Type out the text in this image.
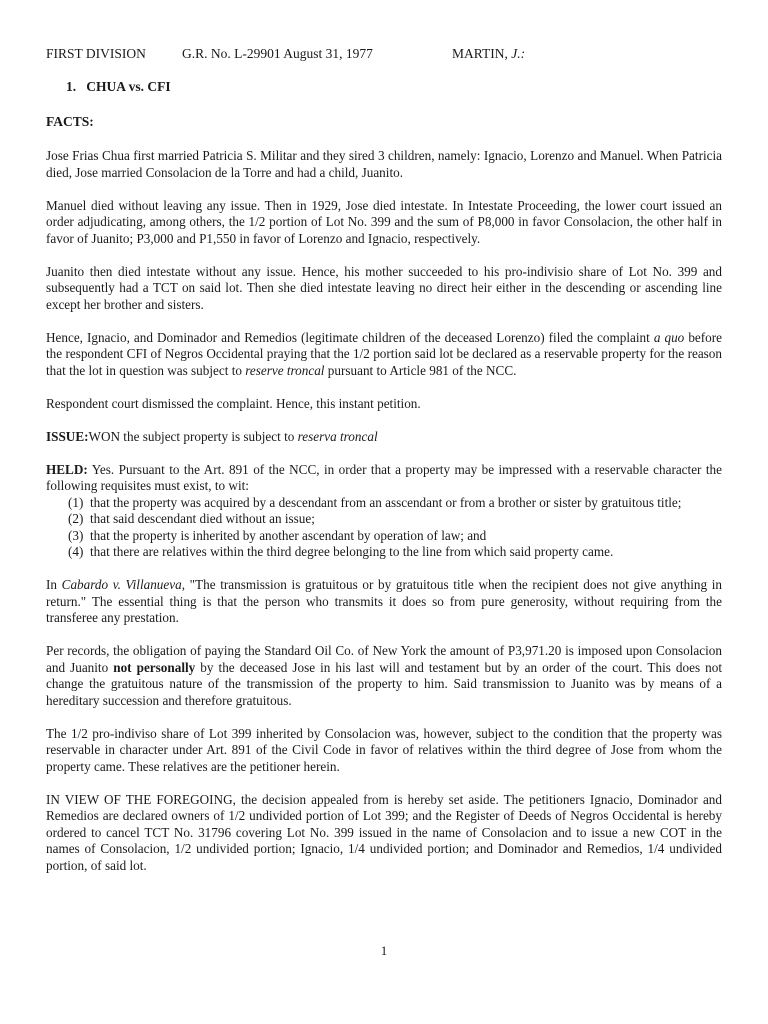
FIRST DIVISION	G.R. No. L-29901 August 31, 1977	MARTIN, J.:
1.   CHUA vs. CFI
FACTS:

Jose Frias Chua first married Patricia S. Militar and they sired 3 children, namely: Ignacio, Lorenzo and Manuel. When Patricia died, Jose married Consolacion de la Torre and had a child, Juanito.

Manuel died without leaving any issue. Then in 1929, Jose died intestate. In Intestate Proceeding, the lower court issued an order adjudicating, among others, the 1/2 portion of Lot No. 399 and the sum of P8,000 in favor Consolacion, the other half in favor of Juanito; P3,000 and P1,550 in favor of Lorenzo and Ignacio, respectively.

Juanito then died intestate without any issue. Hence, his mother succeeded to his pro-indivisio share of Lot No. 399 and subsequently had a TCT on said lot. Then she died intestate leaving no direct heir either in the descending or ascending line except her brother and sisters.

Hence, Ignacio, and Dominador and Remedios (legitimate children of the deceased Lorenzo) filed the complaint a quo before the respondent CFI of Negros Occidental praying that the 1/2 portion said lot be declared as a reservable property for the reason that the lot in question was subject to reserve troncal pursuant to Article 981 of the NCC.

Respondent court dismissed the complaint. Hence, this instant petition.

ISSUE:WON the subject property is subject to reserva troncal

HELD: Yes. Pursuant to the Art. 891 of the NCC, in order that a property may be impressed with a reservable character the following requisites must exist, to wit:

(1) that the property was acquired by a descendant from an asscendant or from a brother or sister by gratuitous title;
(2) that said descendant died without an issue;
(3) that the property is inherited by another ascendant by operation of law; and
(4) that there are relatives within the third degree belonging to the line from which said property came.

In Cabardo v. Villanueva, "The transmission is gratuitous or by gratuitous title when the recipient does not give anything in return." The essential thing is that the person who transmits it does so from pure generosity, without requiring from the transferee any prestation.

Per records, the obligation of paying the Standard Oil Co. of New York the amount of P3,971.20 is imposed upon Consolacion and Juanito not personally by the deceased Jose in his last will and testament but by an order of the court. This does not change the gratuitous nature of the transmission of the property to him. Said transmission to Juanito was by means of a hereditary succession and therefore gratuitous.

The 1/2 pro-indiviso share of Lot 399 inherited by Consolacion was, however, subject to the condition that the property was reservable in character under Art. 891 of the Civil Code in favor of relatives within the third degree of Jose from whom the property came. These relatives are the petitioner herein.

IN VIEW OF THE FOREGOING, the decision appealed from is hereby set aside. The petitioners Ignacio, Dominador and Remedios are declared owners of 1/2 undivided portion of Lot 399; and the Register of Deeds of Negros Occidental is hereby ordered to cancel TCT No. 31796 covering Lot No. 399 issued in the name of Consolacion and to issue a new COT in the names of Consolacion, 1/2 undivided portion; Ignacio, 1/4 undivided portion; and Dominador and Remedios, 1/4 undivided portion, of said lot.

1
